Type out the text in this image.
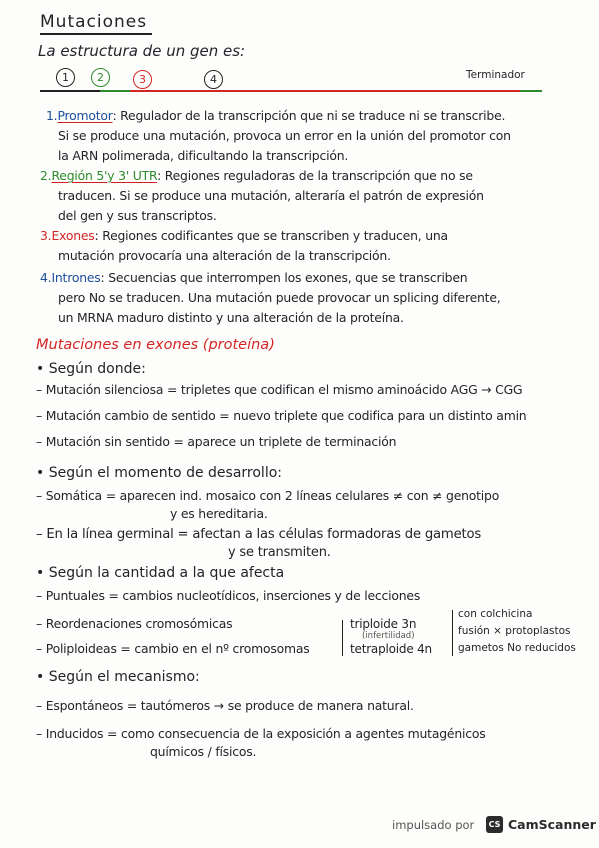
Mutaciones
La estructura de un gen es:
1	2	3	4	Terminador
1.Promotor: Regulador de la transcripción que ni se traduce ni se transcribe.
Si se produce una mutación, provoca un error en la unión del promotor con
la ARN polimerada, dificultando la transcripción.
2.Región 5'y 3' UTR: Regiones reguladoras de la transcripción que no se
traducen. Si se produce una mutación, alteraría el patrón de expresión
del gen y sus transcriptos.
3.Exones: Regiones codificantes que se transcriben y traducen, una
mutación provocaría una alteración de la transcripción.
4.Intrones: Secuencias que interrompen los exones, que se transcriben
pero No se traducen. Una mutación puede provocar un splicing diferente,
un MRNA maduro distinto y una alteración de la proteína.
Mutaciones en exones (proteína)
• Según donde:
– Mutación silenciosa = tripletes que codifican el mismo aminoácido AGG → CGG
– Mutación cambio de sentido = nuevo triplete que codifica para un distinto amin
– Mutación sin sentido = aparece un triplete de terminación
• Según el momento de desarrollo:
– Somática = aparecen ind. mosaico con 2 líneas celulares ≠ con ≠ genotipo
y es hereditaria.
– En la línea germinal = afectan a las células formadoras de gametos
y se transmiten.
• Según la cantidad a la que afecta
– Puntuales = cambios nucleotídicos, inserciones y de lecciones
– Reordenaciones cromosómicas
– Poliploideas = cambio en el nº cromosomas
triploide 3n
(infertilidad)
tetraploide 4n
con colchicina
fusión × protoplastos
gametos No reducidos
• Según el mecanismo:
– Espontáneos = tautómeros → se produce de manera natural.
– Inducidos = como consecuencia de la exposición a agentes mutagénicos
químicos / físicos.
impulsado por	CS CamScanner
